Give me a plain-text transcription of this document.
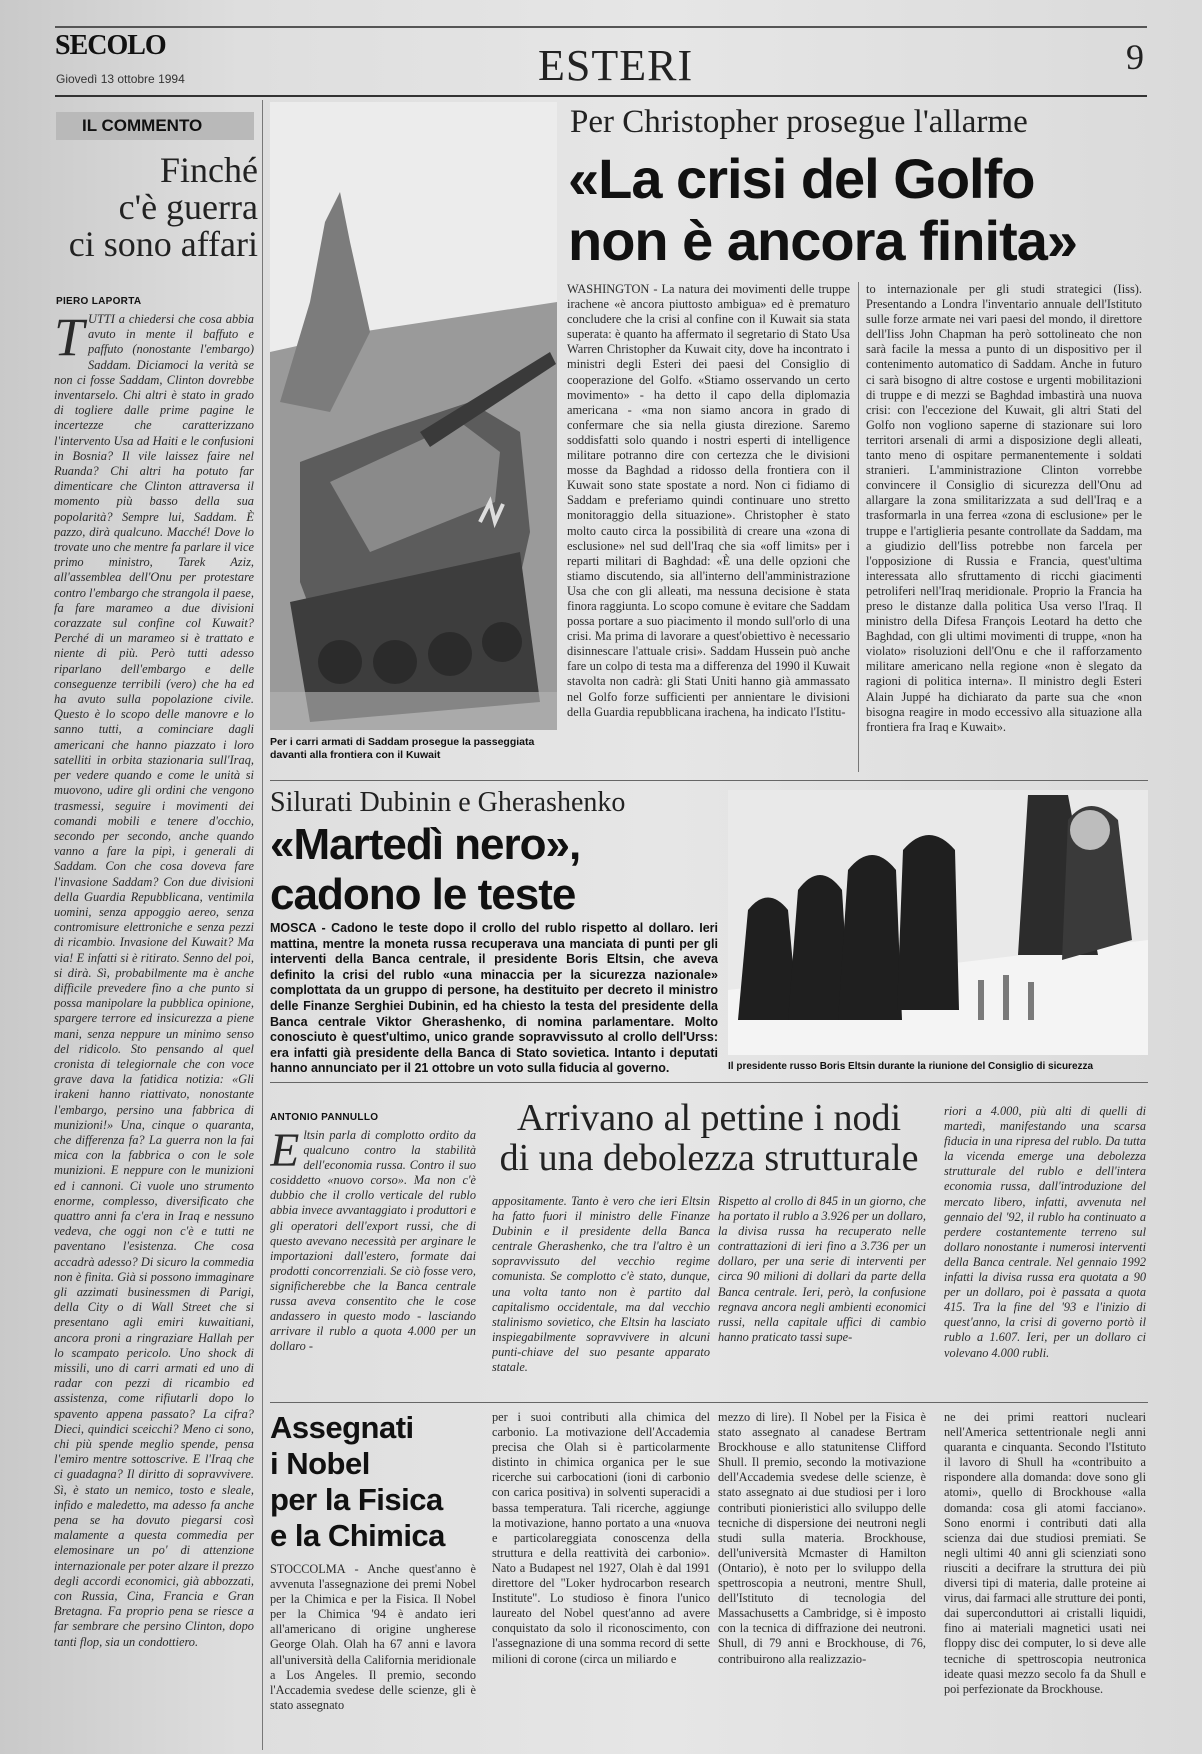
SECOLO
Giovedì 13 ottobre 1994	ESTERI	9
IL COMMENTO
Finché
c'è guerra
ci sono affari
PIERO LAPORTA
TUTTI a chiedersi che cosa abbia avuto in mente il baffuto e paffuto (nonostante l'embargo) Saddam. Diciamoci la verità se non ci fosse Saddam, Clinton dovrebbe inventarselo. Chi altri è stato in grado di togliere dalle prime pagine le incertezze che caratterizzano l'intervento Usa ad Haiti e le confusioni in Bosnia? Il vile laissez faire nel Ruanda? Chi altri ha potuto far dimenticare che Clinton attraversa il momento più basso della sua popolarità? Sempre lui, Saddam. È pazzo, dirà qualcuno. Macché! Dove lo trovate uno che mentre fa parlare il vice primo ministro, Tarek Aziz, all'assemblea dell'Onu per protestare contro l'embargo che strangola il paese, fa fare marameo a due divisioni corazzate sul confine col Kuwait? Perché di un marameo si è trattato e niente di più. Però tutti adesso riparlano dell'embargo e delle conseguenze terribili (vero) che ha ed ha avuto sulla popolazione civile. Questo è lo scopo delle manovre e lo sanno tutti, a cominciare dagli americani che hanno piazzato i loro satelliti in orbita stazionaria sull'Iraq, per vedere quando e come le unità si muovono, udire gli ordini che vengono trasmessi, seguire i movimenti dei comandi mobili e tenere d'occhio, secondo per secondo, anche quando vanno a fare la pipì, i generali di Saddam. Con che cosa doveva fare l'invasione Saddam? Con due divisioni della Guardia Repubblicana, ventimila uomini, senza appoggio aereo, senza contromisure elettroniche e senza pezzi di ricambio. Invasione del Kuwait? Ma via! E infatti si è ritirato. Senno del poi, si dirà. Sì, probabilmente ma è anche difficile prevedere fino a che punto si possa manipolare la pubblica opinione, spargere terrore ed insicurezza a piene mani, senza neppure un minimo senso del ridicolo. Sto pensando al quel cronista di telegiornale che con voce grave dava la fatidica notizia: «Gli irakeni hanno riattivato, nonostante l'embargo, persino una fabbrica di munizioni!» Una, cinque o quaranta, che differenza fa? La guerra non la fai mica con la fabbrica o con le sole munizioni. E neppure con le munizioni ed i cannoni. Ci vuole uno strumento enorme, complesso, diversificato che quattro anni fa c'era in Iraq e nessuno vedeva, che oggi non c'è e tutti ne paventano l'esistenza. Che cosa accadrà adesso? Di sicuro la commedia non è finita. Già si possono immaginare gli azzimati businessmen di Parigi, della City o di Wall Street che si presentano agli emiri kuwaitiani, ancora proni a ringraziare Hallah per lo scampato pericolo. Uno shock di missili, uno di carri armati ed uno di radar con pezzi di ricambio ed assistenza, come rifiutarli dopo lo spavento appena passato? La cifra? Dieci, quindici sceicchi? Meno ci sono, chi più spende meglio spende, pensa l'emiro mentre sottoscrive. E l'Iraq che ci guadagna? Il diritto di sopravvivere. Sì, è stato un nemico, tosto e sleale, infido e maledetto, ma adesso fa anche pena se ha dovuto piegarsi così malamente a questa commedia per elemosinare un po' di attenzione internazionale per poter alzare il prezzo degli accordi economici, già abbozzati, con Russia, Cina, Francia e Gran Bretagna. Fa proprio pena se riesce a far sembrare che persino Clinton, dopo tanti flop, sia un condottiero.
Per i carri armati di Saddam prosegue la passeggiata davanti alla frontiera con il Kuwait
Per Christopher prosegue l'allarme
«La crisi del Golfo
non è ancora finita»
WASHINGTON - La natura dei movimenti delle truppe irachene «è ancora piuttosto ambigua» ed è prematuro concludere che la crisi al confine con il Kuwait sia stata superata: è quanto ha affermato il segretario di Stato Usa Warren Christopher da Kuwait city, dove ha incontrato i ministri degli Esteri dei paesi del Consiglio di cooperazione del Golfo. «Stiamo osservando un certo movimento» - ha detto il capo della diplomazia americana - «ma non siamo ancora in grado di confermare che sia nella giusta direzione. Saremo soddisfatti solo quando i nostri esperti di intelligence militare potranno dire con certezza che le divisioni mosse da Baghdad a ridosso della frontiera con il Kuwait sono state spostate a nord. Non ci fidiamo di Saddam e preferiamo quindi continuare uno stretto monitoraggio della situazione». Christopher è stato molto cauto circa la possibilità di creare una «zona di esclusione» nel sud dell'Iraq che sia «off limits» per i reparti militari di Baghdad: «È una delle opzioni che stiamo discutendo, sia all'interno dell'amministrazione Usa che con gli alleati, ma nessuna decisione è stata finora raggiunta. Lo scopo comune è evitare che Saddam possa portare a suo piacimento il mondo sull'orlo di una crisi. Ma prima di lavorare a quest'obiettivo è necessario disinnescare l'attuale crisi». Saddam Hussein può anche fare un colpo di testa ma a differenza del 1990 il Kuwait stavolta non cadrà: gli Stati Uniti hanno già ammassato nel Golfo forze sufficienti per annientare le divisioni della Guardia repubblicana irachena, ha indicato l'Istitu-
to internazionale per gli studi strategici (Iiss). Presentando a Londra l'inventario annuale dell'Istituto sulle forze armate nei vari paesi del mondo, il direttore dell'Iiss John Chapman ha però sottolineato che non sarà facile la messa a punto di un dispositivo per il contenimento automatico di Saddam. Anche in futuro ci sarà bisogno di altre costose e urgenti mobilitazioni di truppe e di mezzi se Baghdad imbastirà una nuova crisi: con l'eccezione del Kuwait, gli altri Stati del Golfo non vogliono saperne di stazionare sui loro territori arsenali di armi a disposizione degli alleati, tanto meno di ospitare permanentemente i soldati stranieri. L'amministrazione Clinton vorrebbe convincere il Consiglio di sicurezza dell'Onu ad allargare la zona smilitarizzata a sud dell'Iraq e a trasformarla in una ferrea «zona di esclusione» per le truppe e l'artiglieria pesante controllate da Saddam, ma a giudizio dell'Iiss potrebbe non farcela per l'opposizione di Russia e Francia, quest'ultima interessata allo sfruttamento di ricchi giacimenti petroliferi nell'Iraq meridionale. Proprio la Francia ha preso le distanze dalla politica Usa verso l'Iraq. Il ministro della Difesa François Leotard ha detto che Baghdad, con gli ultimi movimenti di truppe, «non ha violato» risoluzioni dell'Onu e che il rafforzamento militare americano nella regione «non è slegato da ragioni di politica interna». Il ministro degli Esteri Alain Juppé ha dichiarato da parte sua che «non bisogna reagire in modo eccessivo alla situazione alla frontiera fra Iraq e Kuwait».
Silurati Dubinin e Gherashenko
«Martedì nero»,
cadono le teste
MOSCA - Cadono le teste dopo il crollo del rublo rispetto al dollaro. Ieri mattina, mentre la moneta russa recuperava una manciata di punti per gli interventi della Banca centrale, il presidente Boris Eltsin, che aveva definito la crisi del rublo «una minaccia per la sicurezza nazionale» complottata da un gruppo di persone, ha destituito per decreto il ministro delle Finanze Serghiei Dubinin, ed ha chiesto la testa del presidente della Banca centrale Viktor Gherashenko, di nomina parlamentare. Molto conosciuto è quest'ultimo, unico grande sopravvissuto al crollo dell'Urss: era infatti già presidente della Banca di Stato sovietica. Intanto i deputati hanno annunciato per il 21 ottobre un voto sulla fiducia al governo.	Il presidente russo Boris Eltsin durante la riunione del Consiglio di sicurezza
ANTONIO PANNULLO	Arrivano al pettine i nodi
di una debolezza strutturale
Eltsin parla di complotto ordito da qualcuno contro la stabilità dell'economia russa. Contro il suo cosiddetto «nuovo corso». Ma non c'è dubbio che il crollo verticale del rublo abbia invece avvantaggiato i produttori e gli operatori dell'export russi, che di questo avevano necessità per arginare le importazioni dall'estero, formate dai prodotti concorrenziali. Se ciò fosse vero, significherebbe che la Banca centrale russa aveva consentito che le cose andassero in questo modo - lasciando arrivare il rublo a quota 4.000 per un dollaro -
appositamente. Tanto è vero che ieri Eltsin ha fatto fuori il ministro delle Finanze Dubinin e il presidente della Banca centrale Gherashenko, che tra l'altro è un sopravvissuto del vecchio regime comunista. Se complotto c'è stato, dunque, una volta tanto non è partito dal capitalismo occidentale, ma dal vecchio stalinismo sovietico, che Eltsin ha lasciato inspiegabilmente sopravvivere in alcuni punti-chiave del suo pesante apparato statale.
Rispetto al crollo di 845 in un giorno, che ha portato il rublo a 3.926 per un dollaro, la divisa russa ha recuperato nelle contrattazioni di ieri fino a 3.736 per un dollaro, per una serie di interventi per circa 90 milioni di dollari da parte della Banca centrale. Ieri, però, la confusione regnava ancora negli ambienti economici russi, nella capitale uffici di cambio hanno praticato tassi supe-
riori a 4.000, più alti di quelli di martedì, manifestando una scarsa fiducia in una ripresa del rublo. Da tutta la vicenda emerge una debolezza strutturale del rublo e dell'intera economia russa, dall'introduzione del mercato libero, infatti, avvenuta nel gennaio del '92, il rublo ha continuato a perdere costantemente terreno sul dollaro nonostante i numerosi interventi della Banca centrale. Nel gennaio 1992 infatti la divisa russa era quotata a 90 per un dollaro, poi è passata a quota 415. Tra la fine del '93 e l'inizio di quest'anno, la crisi di governo portò il rublo a 1.607. Ieri, per un dollaro ci volevano 4.000 rubli.
Assegnati
i Nobel
per la Fisica
e la Chimica
STOCCOLMA - Anche quest'anno è avvenuta l'assegnazione dei premi Nobel per la Chimica e per la Fisica. Il Nobel per la Chimica '94 è andato ieri all'americano di origine ungherese George Olah. Olah ha 67 anni e lavora all'università della California meridionale a Los Angeles. Il premio, secondo l'Accademia svedese delle scienze, gli è stato assegnato
per i suoi contributi alla chimica del carbonio. La motivazione dell'Accademia precisa che Olah si è particolarmente distinto in chimica organica per le sue ricerche sui carbocationi (ioni di carbonio con carica positiva) in solventi superacidi a bassa temperatura. Tali ricerche, aggiunge la motivazione, hanno portato a una «nuova e particolareggiata conoscenza della struttura e della reattività dei carbonio». Nato a Budapest nel 1927, Olah è dal 1991 direttore del "Loker hydrocarbon research Institute". Lo studioso è finora l'unico laureato del Nobel quest'anno ad avere conquistato da solo il riconoscimento, con l'assegnazione di una somma record di sette milioni di corone (circa un miliardo e
mezzo di lire). Il Nobel per la Fisica è stato assegnato al canadese Bertram Brockhouse e allo statunitense Clifford Shull. Il premio, secondo la motivazione dell'Accademia svedese delle scienze, è stato assegnato ai due studiosi per i loro contributi pionieristici allo sviluppo delle tecniche di dispersione dei neutroni negli studi sulla materia. Brockhouse, dell'università Mcmaster di Hamilton (Ontario), è noto per lo sviluppo della spettroscopia a neutroni, mentre Shull, dell'Istituto di tecnologia del Massachusetts a Cambridge, si è imposto con la tecnica di diffrazione dei neutroni. Shull, di 79 anni e Brockhouse, di 76, contribuirono alla realizzazio-
ne dei primi reattori nucleari nell'America settentrionale negli anni quaranta e cinquanta. Secondo l'Istituto il lavoro di Shull ha «contribuito a rispondere alla domanda: dove sono gli atomi», quello di Brockhouse «alla domanda: cosa gli atomi facciano». Sono enormi i contributi dati alla scienza dai due studiosi premiati. Se negli ultimi 40 anni gli scienziati sono riusciti a decifrare la struttura dei più diversi tipi di materia, dalle proteine ai virus, dai farmaci alle strutture dei ponti, dai superconduttori ai cristalli liquidi, fino ai materiali magnetici usati nei floppy disc dei computer, lo si deve alle tecniche di spettroscopia neutronica ideate quasi mezzo secolo fa da Shull e poi perfezionate da Brockhouse.
